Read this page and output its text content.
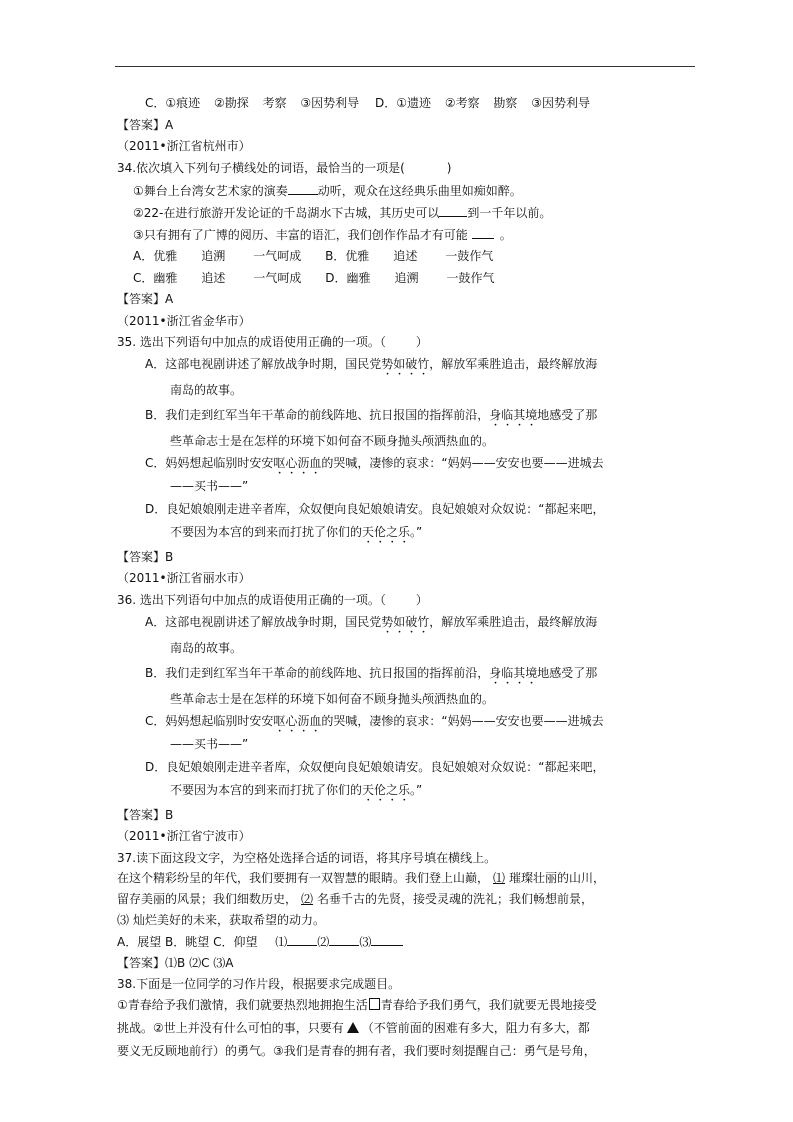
C．①痕迹 ②勘探 考察 ③因势利导 D．①遗迹 ②考察 勘察 ③因势利导
【答案】A
（2011•浙江省杭州市）
34.依次填入下列句子横线处的词语，最恰当的一项是(	)
①舞台上台湾女艺术家的演奏	动听，观众在这经典乐曲里如痴如醉。
②22-在进行旅游开发论证的千岛湖水下古城，其历史可以 到一千年以前。
③只有拥有了广博的阅历、丰富的语汇，我们创作作品才有可能	。
A．优雅 追溯 一气呵成 B．优雅 追述 一鼓作气
C．幽雅 追述 一气呵成 D．幽雅 追溯 一鼓作气
【答案】A
（2011•浙江省金华市）
35. 选出下列语句中加点的成语使用正确的一项。（	）
A．这部电视剧讲述了解放战争时期，国民党势如破竹，解放军乘胜追击，最终解放海
南岛的故事。
B．我们走到红军当年干革命的前线阵地、抗日报国的指挥前沿，身临其境地感受了那
些革命志士是在怎样的环境下如何奋不顾身抛头颅洒热血的。
C．妈妈想起临别时安安呕心沥血的哭喊，凄惨的哀求：“妈妈——安安也要——进城去
——买书——”
D．良妃娘娘刚走进辛者库，众奴便向良妃娘娘请安。良妃娘娘对众奴说：“都起来吧，
不要因为本宫的到来而打扰了你们的天伦之乐。”
【答案】B
（2011•浙江省丽水市）
36. 选出下列语句中加点的成语使用正确的一项。（	）
A．这部电视剧讲述了解放战争时期，国民党势如破竹，解放军乘胜追击，最终解放海
南岛的故事。
B．我们走到红军当年干革命的前线阵地、抗日报国的指挥前沿，身临其境地感受了那
些革命志士是在怎样的环境下如何奋不顾身抛头颅洒热血的。
C．妈妈想起临别时安安呕心沥血的哭喊，凄惨的哀求：“妈妈——安安也要——进城去
——买书——”
D．良妃娘娘刚走进辛者库，众奴便向良妃娘娘请安。良妃娘娘对众奴说：“都起来吧，
不要因为本宫的到来而打扰了你们的天伦之乐。”
【答案】B
（2011•浙江省宁波市）
37.读下面这段文字，为空格处选择合适的词语，将其序号填在横线上。
在这个精彩纷呈的年代，我们要拥有一双智慧的眼睛。我们登上山巅， ⑴ 璀璨壮丽的山川，
留存美丽的风景；我们细数历史， ⑵ 名垂千古的先贤，接受灵魂的洗礼；我们畅想前景，
⑶ 灿烂美好的未来，获取希望的动力。
A．展望 B．眺望 C．仰望 ⑴	⑵	⑶
【答案】⑴B ⑵C ⑶A
38.下面是一位同学的习作片段，根据要求完成题目。
①青春给予我们激情，我们就要热烈地拥抱生活 青春给予我们勇气，我们就要无畏地接受
挑战。②世上并没有什么可怕的事，只要有 （不管前面的困难有多大，阻力有多大，都
要义无反顾地前行）的勇气。③我们是青春的拥有者，我们要时刻提醒自己：勇气是号角，
